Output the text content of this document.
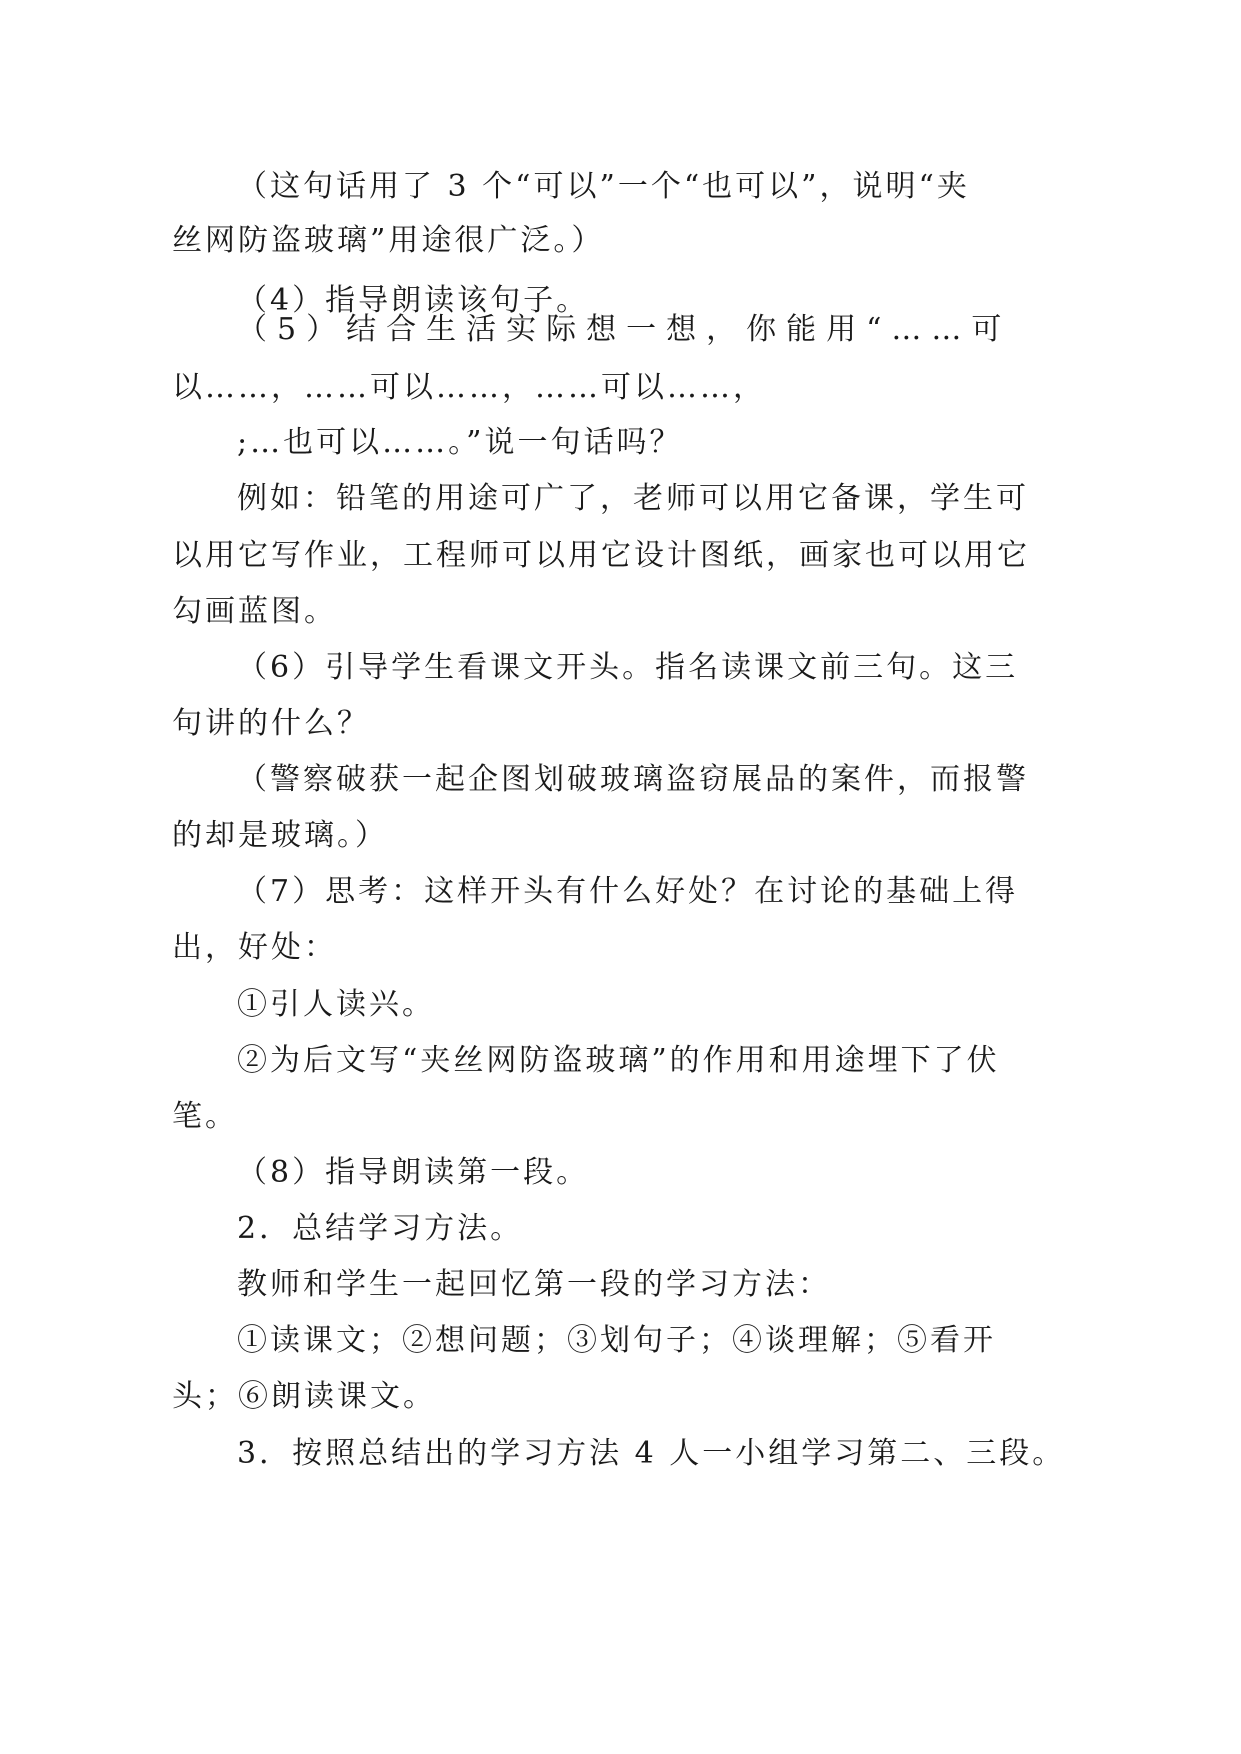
（这句话用了 3 个“可以”一个“也可以”，说明“夹
丝网防盗玻璃”用途很广泛。）
（4）指导朗读该句子。
（5）结合生活实际想一想，你能用“……可
以……，……可以……，……可以……，
;…也可以……。”说一句话吗？
例如：铅笔的用途可广了，老师可以用它备课，学生可
以用它写作业，工程师可以用它设计图纸，画家也可以用它
勾画蓝图。
（6）引导学生看课文开头。指名读课文前三句。这三
句讲的什么？
（警察破获一起企图划破玻璃盗窃展品的案件，而报警
的却是玻璃。）
（7）思考：这样开头有什么好处？在讨论的基础上得
出，好处：
①引人读兴。
②为后文写“夹丝网防盗玻璃”的作用和用途埋下了伏
笔。
（8）指导朗读第一段。
2．总结学习方法。
教师和学生一起回忆第一段的学习方法：
①读课文；②想问题；③划句子；④谈理解；⑤看开
头；⑥朗读课文。
3．按照总结出的学习方法 4 人一小组学习第二、三段。
